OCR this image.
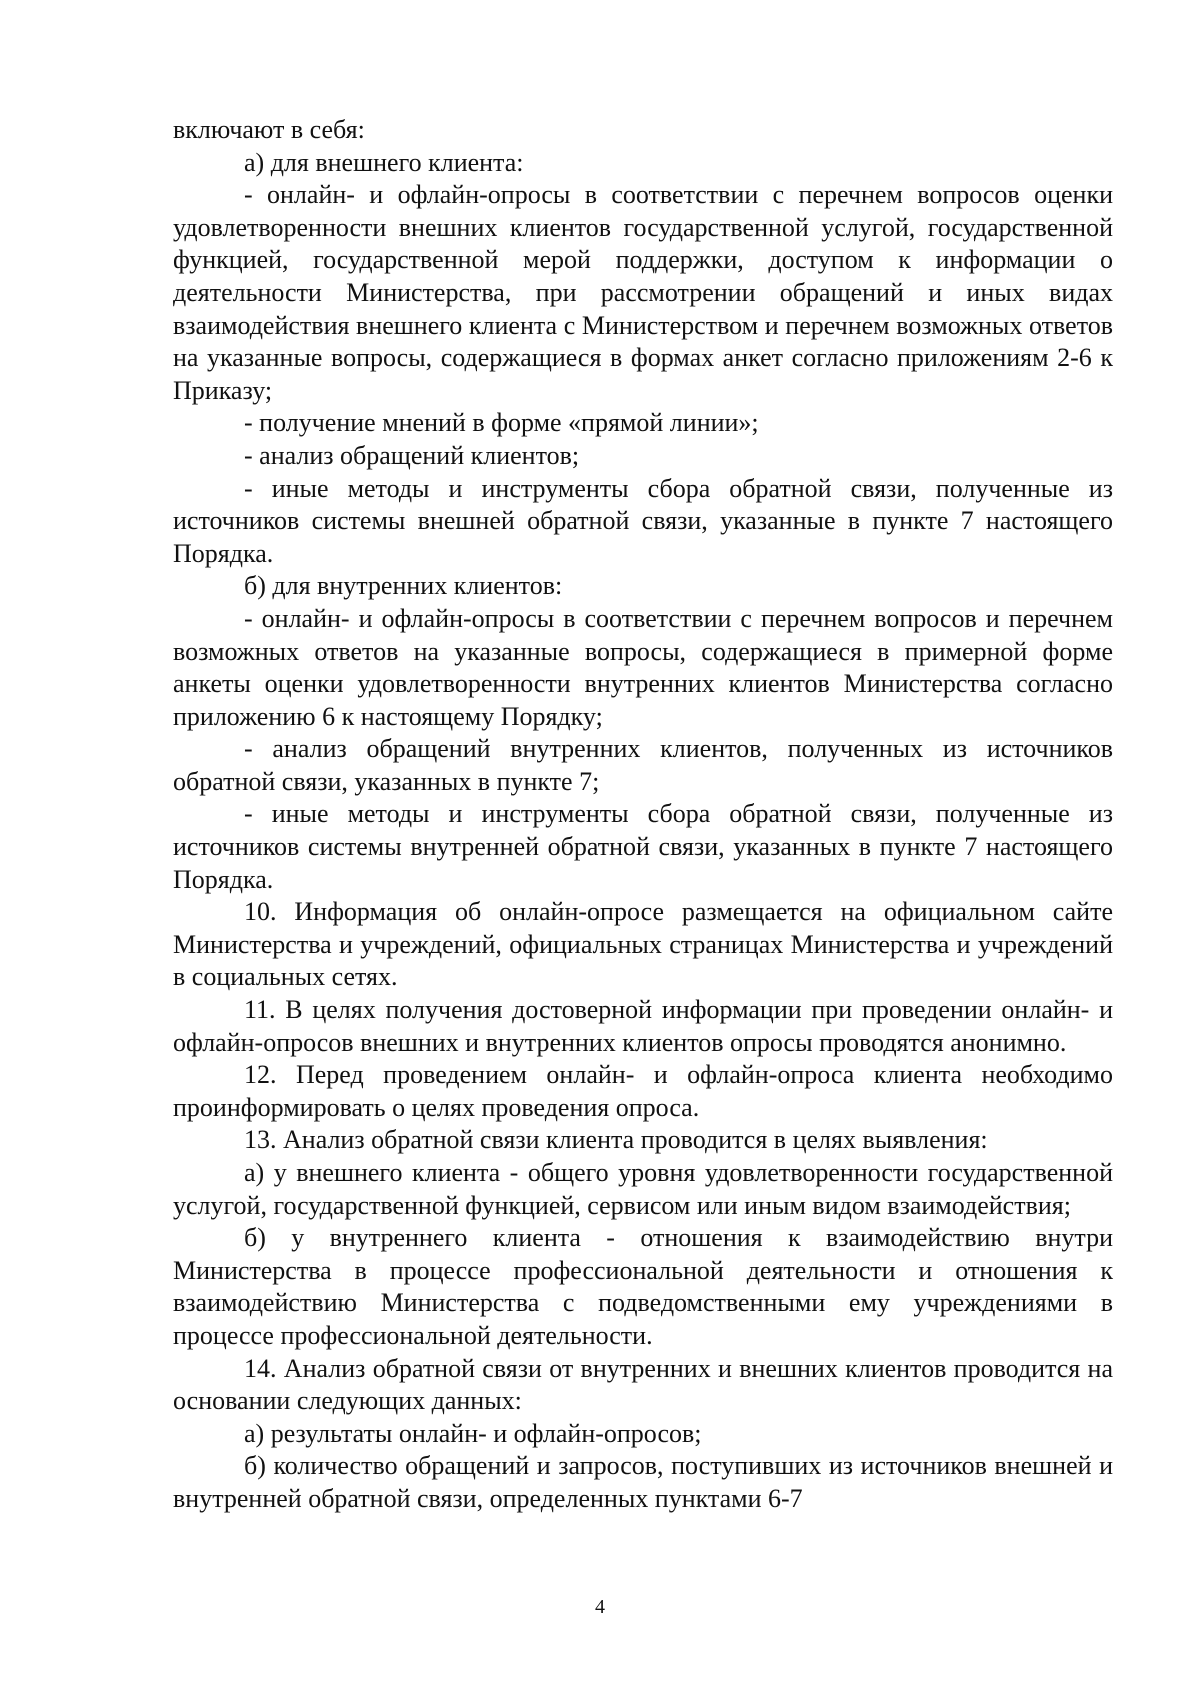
включают в себя:

а) для внешнего клиента:

- онлайн- и офлайн-опросы в соответствии с перечнем вопросов оценки удовлетворенности внешних клиентов государственной услугой, государственной функцией, государственной мерой поддержки, доступом к информации о деятельности Министерства, при рассмотрении обращений и иных видах взаимодействия внешнего клиента с Министерством и перечнем возможных ответов на указанные вопросы, содержащиеся в формах анкет согласно приложениям 2-6 к Приказу;

- получение мнений в форме «прямой линии»;

- анализ обращений клиентов;

- иные методы и инструменты сбора обратной связи, полученные из источников системы внешней обратной связи, указанные в пункте 7 настоящего Порядка.

б) для внутренних клиентов:

- онлайн- и офлайн-опросы в соответствии с перечнем вопросов и перечнем возможных ответов на указанные вопросы, содержащиеся в примерной форме анкеты оценки удовлетворенности внутренних клиентов Министерства согласно приложению 6 к настоящему Порядку;

- анализ обращений внутренних клиентов, полученных из источников обратной связи, указанных в пункте 7;

- иные методы и инструменты сбора обратной связи, полученные из источников системы внутренней обратной связи, указанных в пункте 7 настоящего Порядка.

10. Информация об онлайн-опросе размещается на официальном сайте Министерства и учреждений, официальных страницах Министерства и учреждений в социальных сетях.

11. В целях получения достоверной информации при проведении онлайн- и офлайн-опросов внешних и внутренних клиентов опросы проводятся анонимно.

12. Перед проведением онлайн- и офлайн-опроса клиента необходимо проинформировать о целях проведения опроса.

13. Анализ обратной связи клиента проводится в целях выявления:

а) у внешнего клиента - общего уровня удовлетворенности государственной услугой, государственной функцией, сервисом или иным видом взаимодействия;

б) у внутреннего клиента - отношения к взаимодействию внутри Министерства в процессе профессиональной деятельности и отношения к взаимодействию Министерства с подведомственными ему учреждениями в процессе профессиональной деятельности.

14. Анализ обратной связи от внутренних и внешних клиентов проводится на основании следующих данных:

а) результаты онлайн- и офлайн-опросов;

б) количество обращений и запросов, поступивших из источников внешней и внутренней обратной связи, определенных пунктами 6-7

4
